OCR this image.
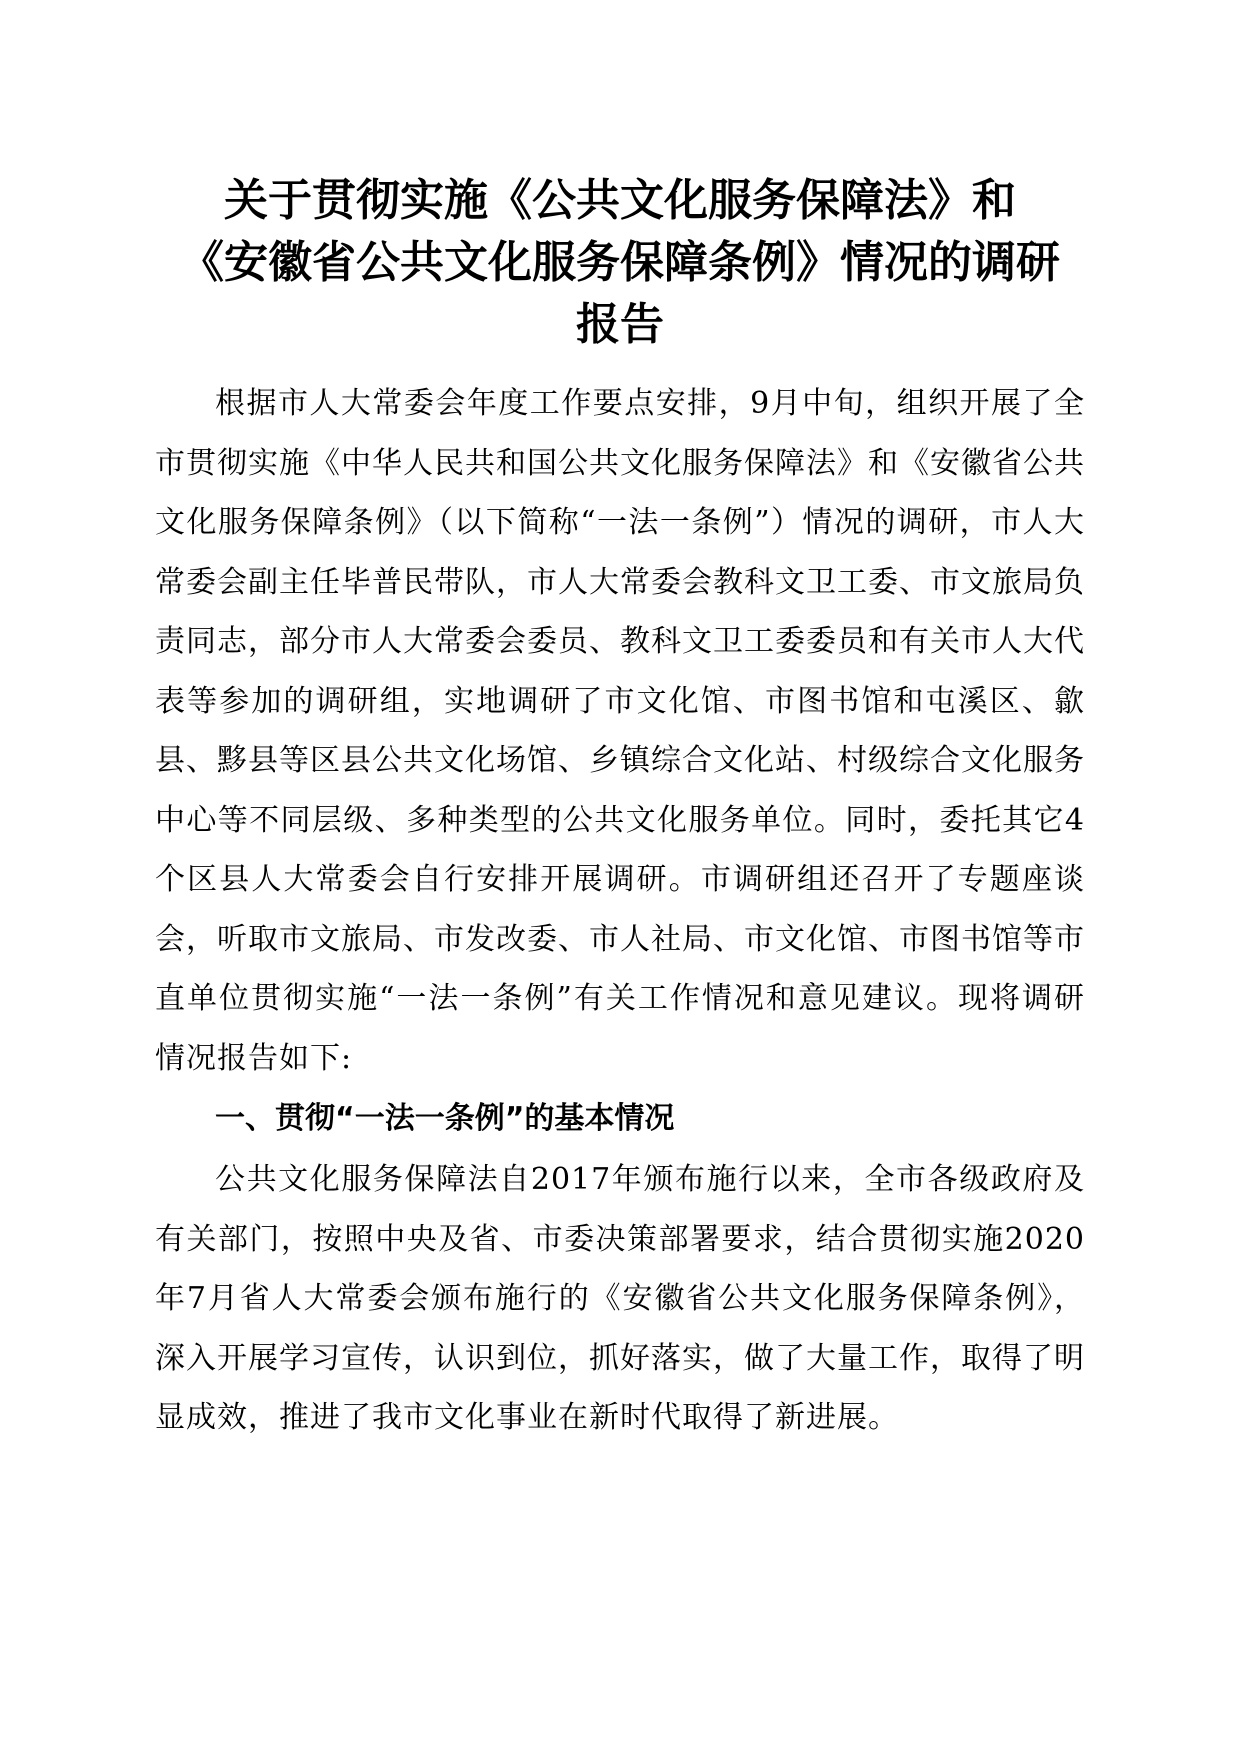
关于贯彻实施《公共文化服务保障法》和
《安徽省公共文化服务保障条例》情况的调研
报告

根据市人大常委会年度工作要点安排，9月中旬，组织开展了全市贯彻实施《中华人民共和国公共文化服务保障法》和《安徽省公共文化服务保障条例》（以下简称“一法一条例”）情况的调研，市人大常委会副主任毕普民带队，市人大常委会教科文卫工委、市文旅局负责同志，部分市人大常委会委员、教科文卫工委委员和有关市人大代表等参加的调研组，实地调研了市文化馆、市图书馆和屯溪区、歙县、黟县等区县公共文化场馆、乡镇综合文化站、村级综合文化服务中心等不同层级、多种类型的公共文化服务单位。同时，委托其它4个区县人大常委会自行安排开展调研。市调研组还召开了专题座谈会，听取市文旅局、市发改委、市人社局、市文化馆、市图书馆等市直单位贯彻实施“一法一条例”有关工作情况和意见建议。现将调研情况报告如下:

一、贯彻“一法一条例”的基本情况

公共文化服务保障法自2017年颁布施行以来，全市各级政府及有关部门，按照中央及省、市委决策部署要求，结合贯彻实施2020年7月省人大常委会颁布施行的《安徽省公共文化服务保障条例》，深入开展学习宣传，认识到位，抓好落实，做了大量工作，取得了明显成效，推进了我市文化事业在新时代取得了新进展。
